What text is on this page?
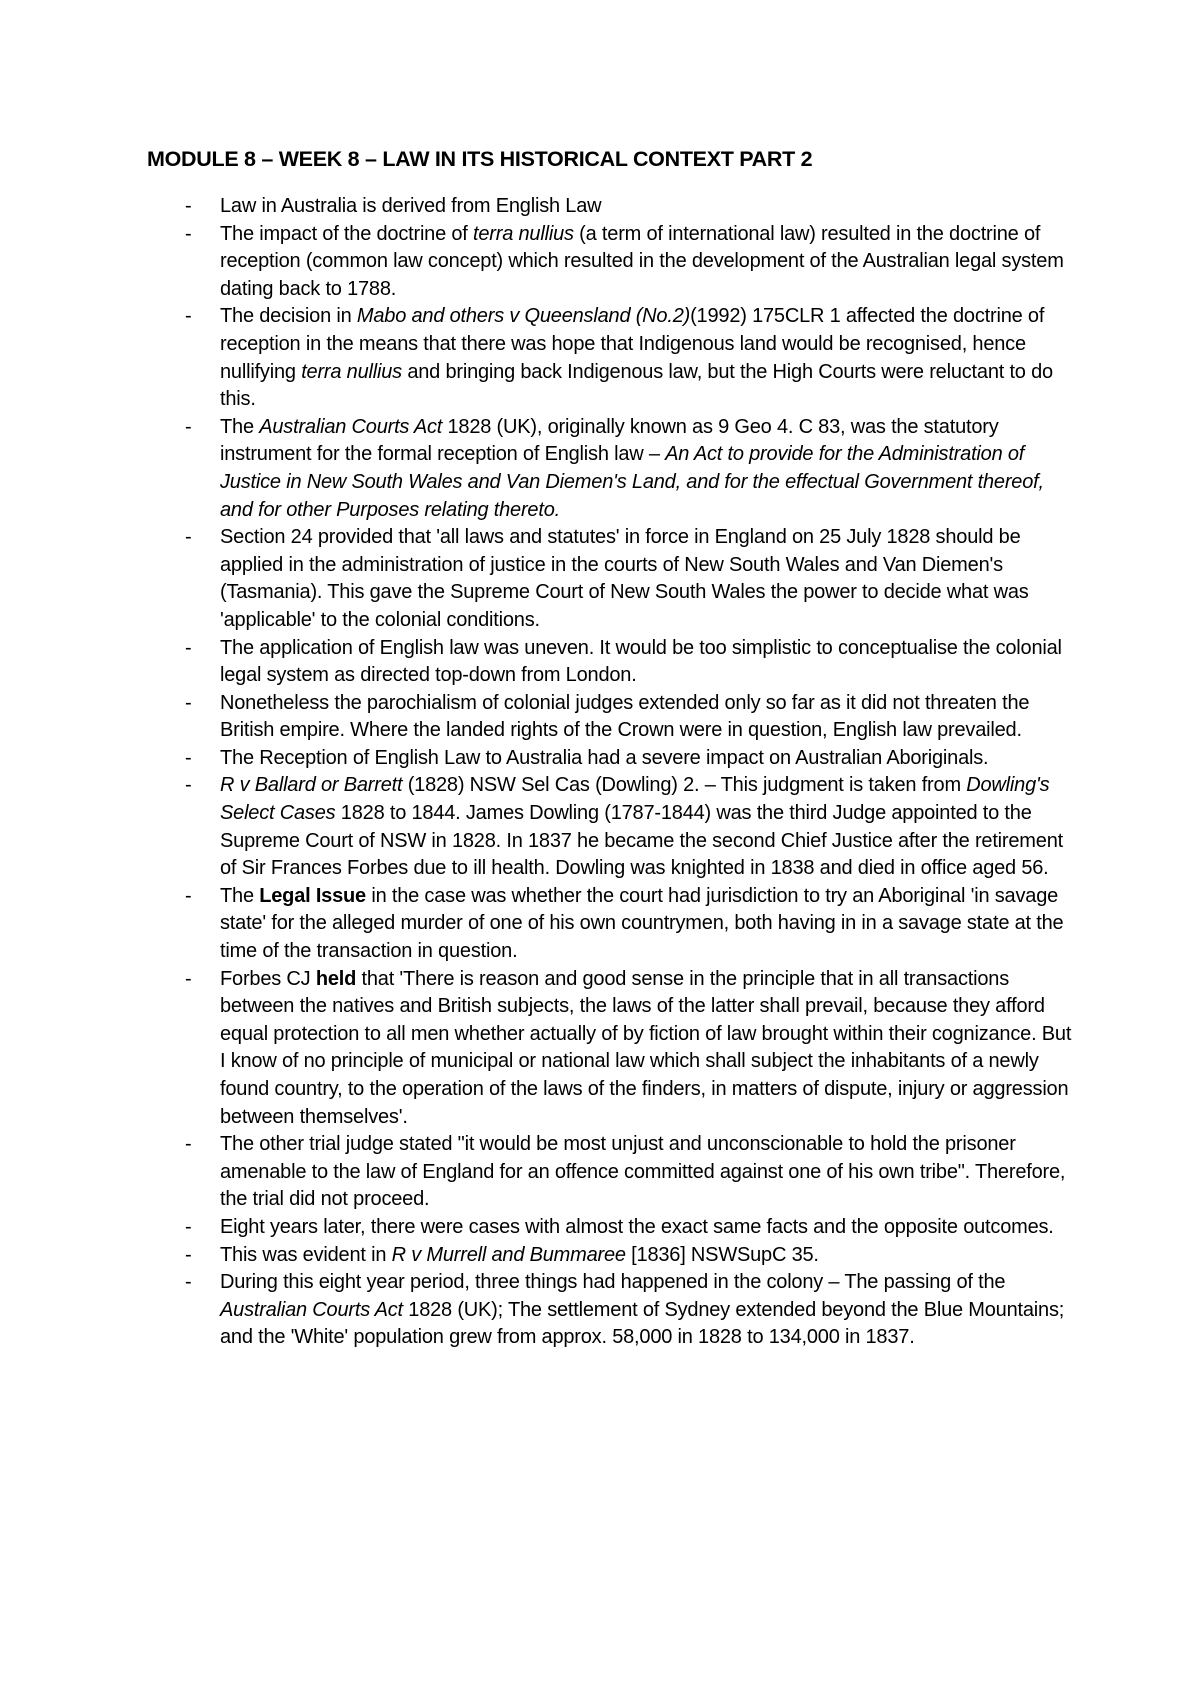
MODULE 8 – WEEK 8 – LAW IN ITS HISTORICAL CONTEXT PART 2
- Law in Australia is derived from English Law
- The impact of the doctrine of terra nullius (a term of international law) resulted in the doctrine of reception (common law concept) which resulted in the development of the Australian legal system dating back to 1788.
- The decision in Mabo and others v Queensland (No.2)(1992) 175CLR 1 affected the doctrine of reception in the means that there was hope that Indigenous land would be recognised, hence nullifying terra nullius and bringing back Indigenous law, but the High Courts were reluctant to do this.
- The Australian Courts Act 1828 (UK), originally known as 9 Geo 4. C 83, was the statutory instrument for the formal reception of English law – An Act to provide for the Administration of Justice in New South Wales and Van Diemen's Land, and for the effectual Government thereof, and for other Purposes relating thereto.
- Section 24 provided that 'all laws and statutes' in force in England on 25 July 1828 should be applied in the administration of justice in the courts of New South Wales and Van Diemen's (Tasmania). This gave the Supreme Court of New South Wales the power to decide what was 'applicable' to the colonial conditions.
- The application of English law was uneven. It would be too simplistic to conceptualise the colonial legal system as directed top-down from London.
- Nonetheless the parochialism of colonial judges extended only so far as it did not threaten the British empire. Where the landed rights of the Crown were in question, English law prevailed.
- The Reception of English Law to Australia had a severe impact on Australian Aboriginals.
- R v Ballard or Barrett (1828) NSW Sel Cas (Dowling) 2. – This judgment is taken from Dowling's Select Cases 1828 to 1844. James Dowling (1787-1844) was the third Judge appointed to the Supreme Court of NSW in 1828. In 1837 he became the second Chief Justice after the retirement of Sir Frances Forbes due to ill health. Dowling was knighted in 1838 and died in office aged 56.
- The Legal Issue in the case was whether the court had jurisdiction to try an Aboriginal 'in savage state' for the alleged murder of one of his own countrymen, both having in in a savage state at the time of the transaction in question.
- Forbes CJ held that 'There is reason and good sense in the principle that in all transactions between the natives and British subjects, the laws of the latter shall prevail, because they afford equal protection to all men whether actually of by fiction of law brought within their cognizance. But I know of no principle of municipal or national law which shall subject the inhabitants of a newly found country, to the operation of the laws of the finders, in matters of dispute, injury or aggression between themselves'.
- The other trial judge stated "it would be most unjust and unconscionable to hold the prisoner amenable to the law of England for an offence committed against one of his own tribe". Therefore, the trial did not proceed.
- Eight years later, there were cases with almost the exact same facts and the opposite outcomes.
- This was evident in R v Murrell and Bummaree [1836] NSWSupC 35.
- During this eight year period, three things had happened in the colony – The passing of the Australian Courts Act 1828 (UK); The settlement of Sydney extended beyond the Blue Mountains; and the 'White' population grew from approx. 58,000 in 1828 to 134,000 in 1837.
